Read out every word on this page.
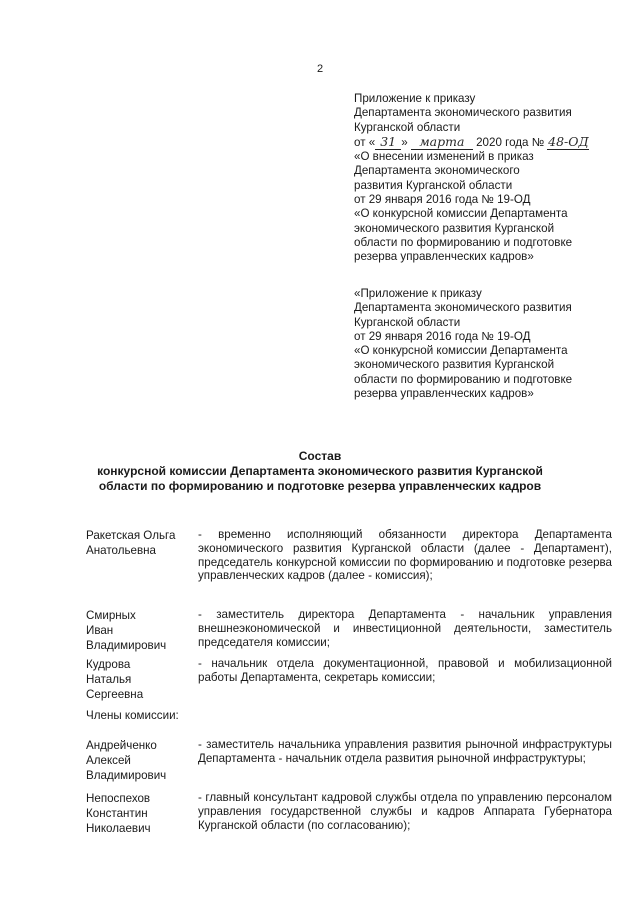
2
Приложение к приказу
Департамента экономического развития
Курганской области
от « 31 » марта 2020 года № 48-ОД
«О внесении изменений в приказ
Департамента экономического
развития Курганской области
от 29 января 2016 года № 19-ОД
«О конкурсной комиссии Департамента
экономического развития Курганской
области по формированию и подготовке
резерва управленческих кадров»
«Приложение к приказу
Департамента экономического развития
Курганской области
от 29 января 2016 года № 19-ОД
«О конкурсной комиссии Департамента
экономического развития Курганской
области по формированию и подготовке
резерва управленческих кадров»
Состав
конкурсной комиссии Департамента экономического развития Курганской
области по формированию и подготовке резерва управленческих кадров
Ракетская Ольга
Анатольевна
- временно исполняющий обязанности директора Департамента экономического развития Курганской области (далее - Департамент), председатель конкурсной комиссии по формированию и подготовке резерва управленческих кадров (далее - комиссия);
Смирных
Иван
Владимирович
- заместитель директора Департамента - начальник управления внешнеэкономической и инвестиционной деятельности, заместитель председателя комиссии;
Кудрова
Наталья
Сергеевна
- начальник отдела документационной, правовой и мобилизационной работы Департамента, секретарь комиссии;
Члены комиссии:
Андрейченко
Алексей
Владимирович
- заместитель начальника управления развития рыночной инфраструктуры Департамента - начальник отдела развития рыночной инфраструктуры;
Непоспехов
Константин
Николаевич
- главный консультант кадровой службы отдела по управлению персоналом управления государственной службы и кадров Аппарата Губернатора Курганской области (по согласованию);
